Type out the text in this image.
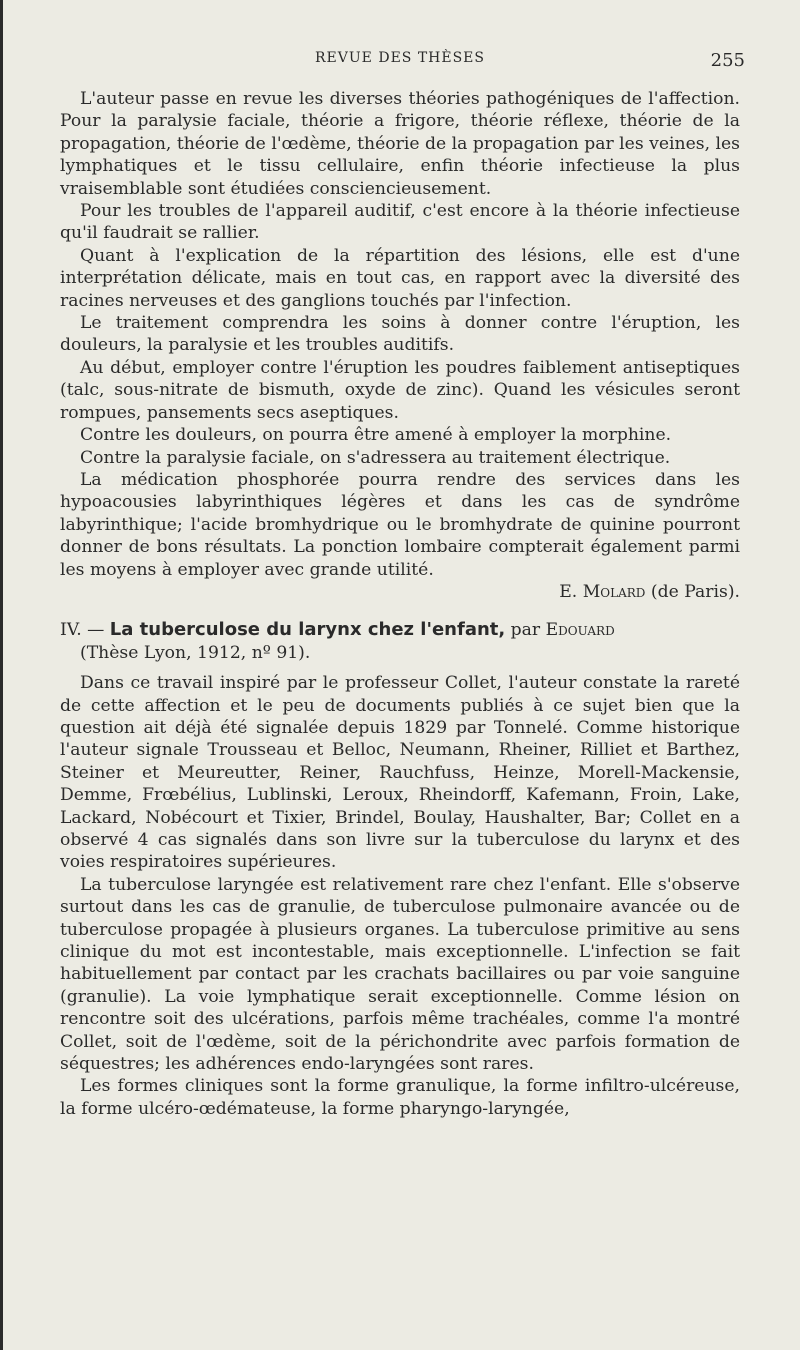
REVUE DES THÈSES	255

L'auteur passe en revue les diverses théories pathogéniques de l'affection. Pour la paralysie faciale, théorie a frigore, théorie réflexe, théorie de la propagation, théorie de l'œdème, théorie de la propagation par les veines, les lymphatiques et le tissu cellulaire, enfin théorie infectieuse la plus vraisemblable sont étudiées consciencieusement.

Pour les troubles de l'appareil auditif, c'est encore à la théorie infectieuse qu'il faudrait se rallier.

Quant à l'explication de la répartition des lésions, elle est d'une interprétation délicate, mais en tout cas, en rapport avec la diversité des racines nerveuses et des ganglions touchés par l'infection.

Le traitement comprendra les soins à donner contre l'éruption, les douleurs, la paralysie et les troubles auditifs.

Au début, employer contre l'éruption les poudres faiblement antiseptiques (talc, sous-nitrate de bismuth, oxyde de zinc). Quand les vésicules seront rompues, pansements secs aseptiques.

Contre les douleurs, on pourra être amené à employer la morphine.

Contre la paralysie faciale, on s'adressera au traitement électrique.

La médication phosphorée pourra rendre des services dans les hypoacousies labyrinthiques légères et dans les cas de syndrôme labyrinthique; l'acide bromhydrique ou le bromhydrate de quinine pourront donner de bons résultats. La ponction lombaire compterait également parmi les moyens à employer avec grande utilité.

E. Molard (de Paris).

IV. — La tuberculose du larynx chez l'enfant, par Edouard
(Thèse Lyon, 1912, nº 91).

Dans ce travail inspiré par le professeur Collet, l'auteur constate la rareté de cette affection et le peu de documents publiés à ce sujet bien que la question ait déjà été signalée depuis 1829 par Tonnelé. Comme historique l'auteur signale Trousseau et Belloc, Neumann, Rheiner, Rilliet et Barthez, Steiner et Meureutter, Reiner, Rauchfuss, Heinze, Morell-Mackensie, Demme, Frœbélius, Lublinski, Leroux, Rheindorff, Kafemann, Froin, Lake, Lackard, Nobécourt et Tixier, Brindel, Boulay, Haushalter, Bar; Collet en a observé 4 cas signalés dans son livre sur la tuberculose du larynx et des voies respiratoires supérieures.

La tuberculose laryngée est relativement rare chez l'enfant. Elle s'observe surtout dans les cas de granulie, de tuberculose pulmonaire avancée ou de tuberculose propagée à plusieurs organes. La tuberculose primitive au sens clinique du mot est incontestable, mais exceptionnelle. L'infection se fait habituellement par contact par les crachats bacillaires ou par voie sanguine (granulie). La voie lymphatique serait exceptionnelle. Comme lésion on rencontre soit des ulcérations, parfois même trachéales, comme l'a montré Collet, soit de l'œdème, soit de la périchondrite avec parfois formation de séquestres; les adhérences endo-laryngées sont rares.

Les formes cliniques sont la forme granulique, la forme infiltro-ulcéreuse, la forme ulcéro-œdémateuse, la forme pharyngo-laryngée,
